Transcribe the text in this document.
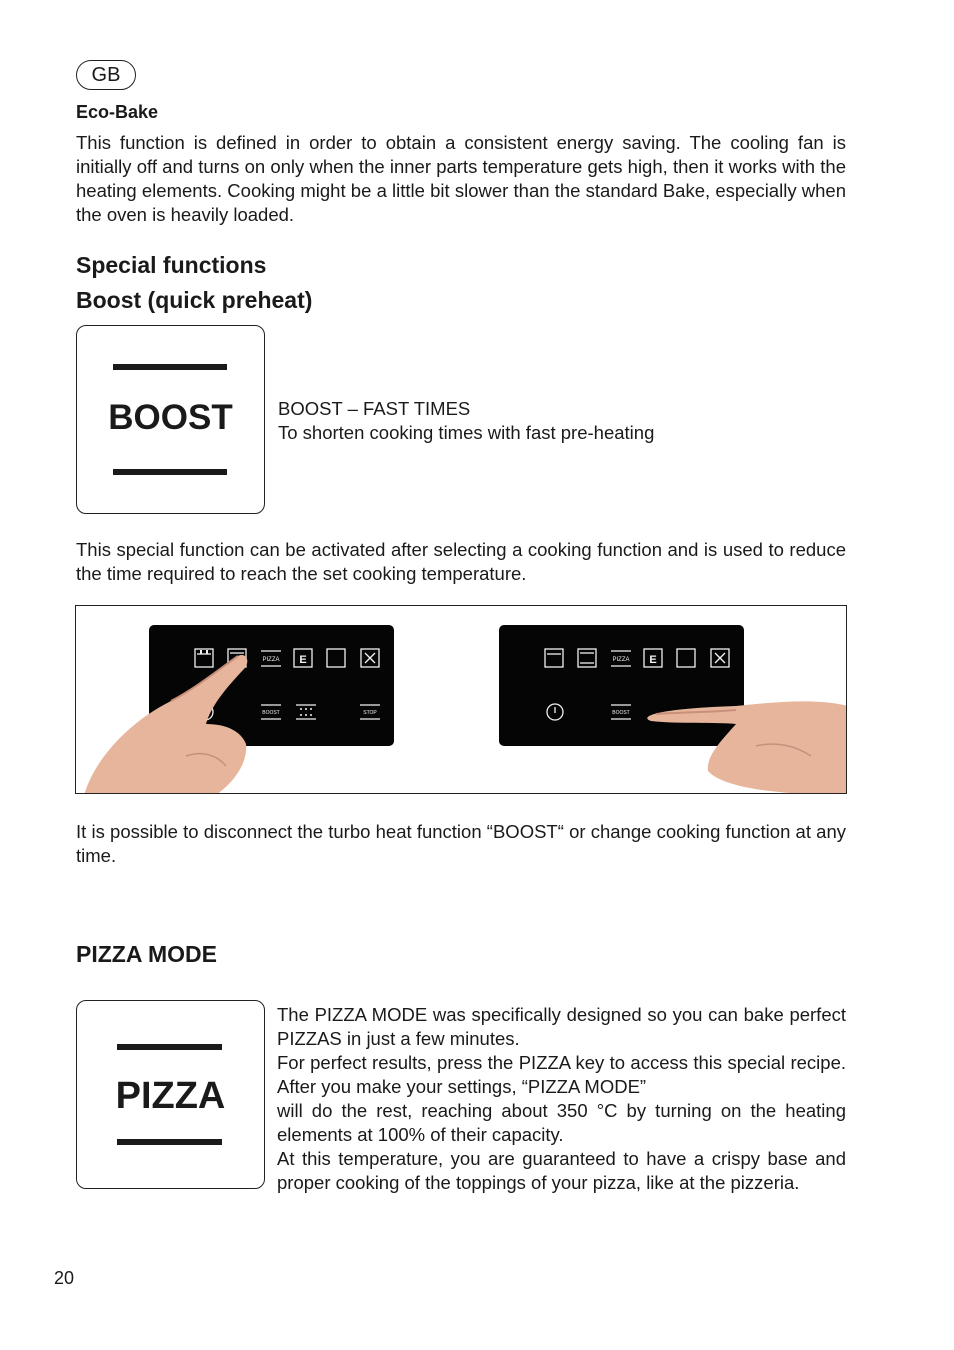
GB
Eco-Bake
This function is defined in order to obtain a consistent energy saving. The cooling fan is initially off and turns on only when the inner parts temperature gets high, then it works with the heating elements. Cooking might be a little bit slower than the standard Bake, especially when the oven is heavily loaded.
Special functions
Boost (quick preheat)
BOOST	BOOST – FAST TIMES
To shorten cooking times with fast pre-heating
This special function can be activated after selecting a cooking function and is used to reduce the time required to reach the set cooking temperature.
PIZZA E
BOOST	STOP
PIZZA E
BOOST
It is possible to disconnect the turbo heat function “BOOST“ or change cooking function at any time.
PIZZA MODE
PIZZA
The PIZZA MODE was specifically designed so you can bake perfect PIZZAS in just a few minutes.
For perfect results, press the PIZZA key to access this special recipe. After you make your settings, “PIZZA MODE”
will do the rest, reaching about 350 °C by turning on the heating elements at 100% of their capacity.
At this temperature, you are guaranteed to have a crispy base and proper cooking of the toppings of your pizza, like at the pizzeria.
20
